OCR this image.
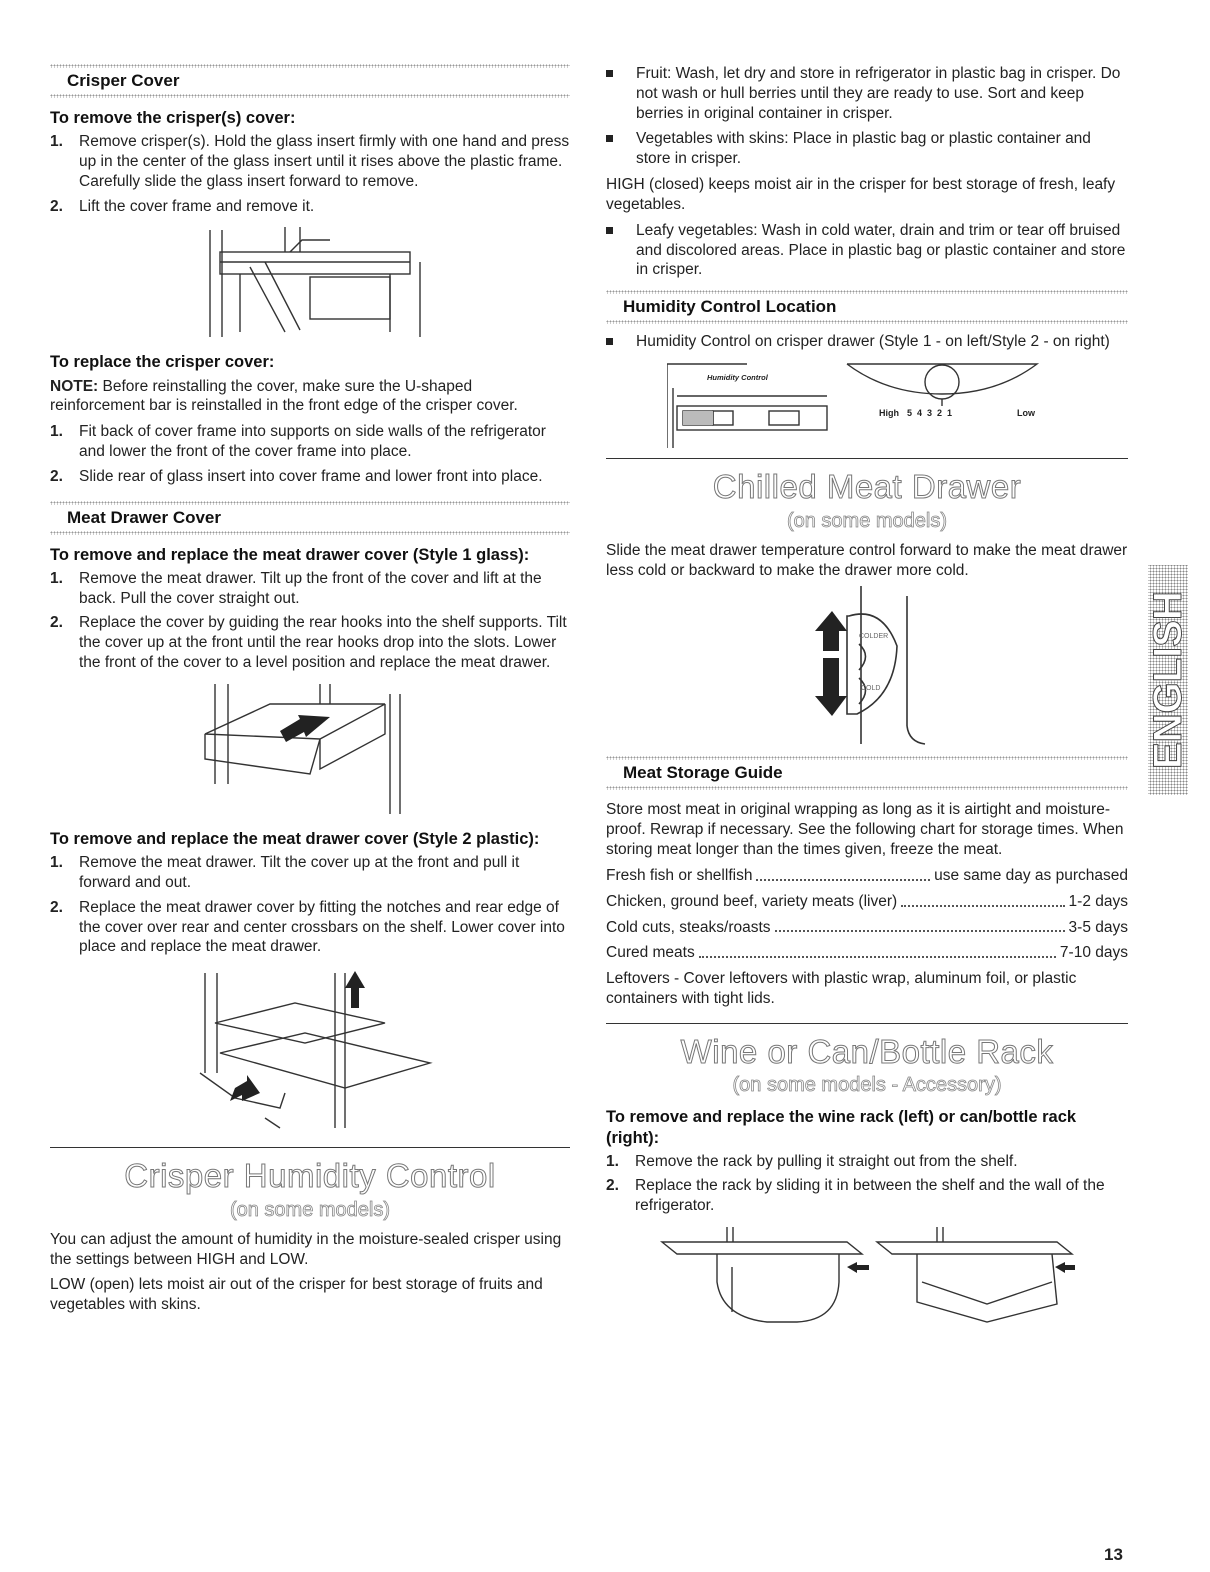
Crisper Cover
To remove the crisper(s) cover:
1. Remove crisper(s). Hold the glass insert firmly with one hand and press up in the center of the glass insert until it rises above the plastic frame. Carefully slide the glass insert forward to remove.
2. Lift the cover frame and remove it.
To replace the crisper cover:

NOTE: Before reinstalling the cover, make sure the U-shaped reinforcement bar is reinstalled in the front edge of the crisper cover.

1. Fit back of cover frame into supports on side walls of the refrigerator and lower the front of the cover frame into place.
2. Slide rear of glass insert into cover frame and lower front into place.
Meat Drawer Cover
To remove and replace the meat drawer cover (Style 1 glass):
1. Remove the meat drawer. Tilt up the front of the cover and lift at the back. Pull the cover straight out.
2. Replace the cover by guiding the rear hooks into the shelf supports. Tilt the cover up at the front until the rear hooks drop into the slots. Lower the front of the cover to a level position and replace the meat drawer.
To remove and replace the meat drawer cover (Style 2 plastic):
1. Remove the meat drawer. Tilt the cover up at the front and pull it forward and out.
2. Replace the meat drawer cover by fitting the notches and rear edge of the cover over rear and center crossbars on the shelf. Lower cover into place and replace the meat drawer.
Crisper Humidity Control
(on some models)

You can adjust the amount of humidity in the moisture-sealed crisper using the settings between HIGH and LOW.

LOW (open) lets moist air out of the crisper for best storage of fruits and vegetables with skins.

Fruit: Wash, let dry and store in refrigerator in plastic bag in crisper. Do not wash or hull berries until they are ready to use. Sort and keep berries in original container in crisper.
Vegetables with skins: Place in plastic bag or plastic container and store in crisper.

HIGH (closed) keeps moist air in the crisper for best storage of fresh, leafy vegetables.

Leafy vegetables: Wash in cold water, drain and trim or tear off bruised and discolored areas. Place in plastic bag or plastic container and store in crisper.
Humidity Control Location
Humidity Control on crisper drawer (Style 1 - on left/Style 2 - on right)
Humidity Control
High 5  4  3  2  1	Low
Chilled Meat Drawer
(on some models)

Slide the meat drawer temperature control forward to make the meat drawer less cold or backward to make the drawer more cold.

COLDER
COLD
Meat Storage Guide

Store most meat in original wrapping as long as it is airtight and moisture-proof. Rewrap if necessary. See the following chart for storage times. When storing meat longer than the times given, freeze the meat.

Fresh fish or shellfish	use same day as purchased
Chicken, ground beef, variety meats (liver)	1-2 days
Cold cuts, steaks/roasts	3-5 days
Cured meats	7-10 days

Leftovers - Cover leftovers with plastic wrap, aluminum foil, or plastic containers with tight lids.

Wine or Can/Bottle Rack
(on some models - Accessory)
To remove and replace the wine rack (left) or can/bottle rack (right):
1. Remove the rack by pulling it straight out from the shelf.
2. Replace the rack by sliding it in between the shelf and the wall of the refrigerator.
ENGLISH
13
